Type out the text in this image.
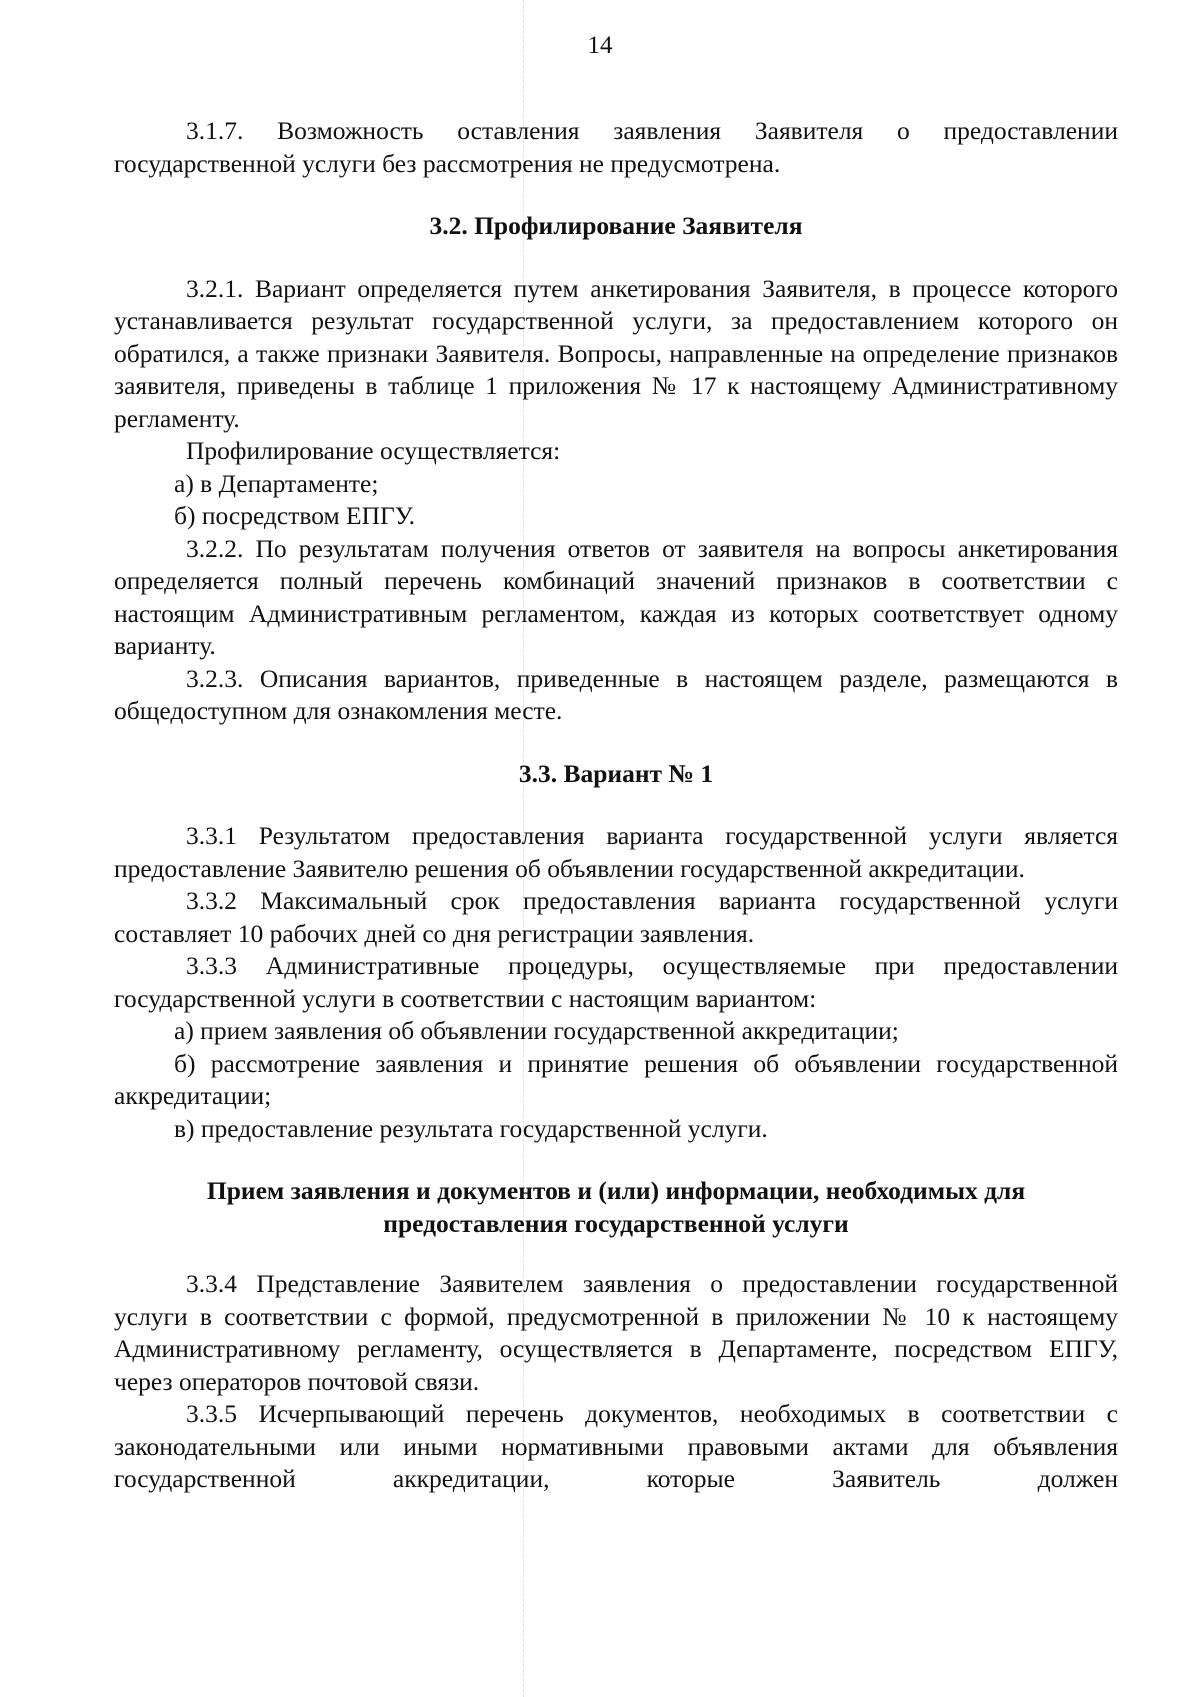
14

3.1.7. Возможность оставления заявления Заявителя о предоставлении государственной услуги без рассмотрения не предусмотрена.

3.2. Профилирование Заявителя

3.2.1. Вариант определяется путем анкетирования Заявителя, в процессе которого устанавливается результат государственной услуги, за предоставлением которого он обратился, а также признаки Заявителя. Вопросы, направленные на определение признаков заявителя, приведены в таблице 1 приложения № 17 к настоящему Административному регламенту.

Профилирование осуществляется:

а) в Департаменте;

б) посредством ЕПГУ.

3.2.2. По результатам получения ответов от заявителя на вопросы анкетирования определяется полный перечень комбинаций значений признаков в соответствии с настоящим Административным регламентом, каждая из которых соответствует одному варианту.

3.2.3. Описания вариантов, приведенные в настоящем разделе, размещаются в общедоступном для ознакомления месте.

3.3. Вариант № 1

3.3.1 Результатом предоставления варианта государственной услуги является предоставление Заявителю решения об объявлении государственной аккредитации.

3.3.2 Максимальный срок предоставления варианта государственной услуги составляет 10 рабочих дней со дня регистрации заявления.

3.3.3 Административные процедуры, осуществляемые при предоставлении государственной услуги в соответствии с настоящим вариантом:

а) прием заявления об объявлении государственной аккредитации;

б) рассмотрение заявления и принятие решения об объявлении государственной аккредитации;

в) предоставление результата государственной услуги.

Прием заявления и документов и (или) информации, необходимых для
предоставления государственной услуги

3.3.4 Представление Заявителем заявления о предоставлении государственной услуги в соответствии с формой, предусмотренной в приложении № 10 к настоящему Административному регламенту, осуществляется в Департаменте, посредством ЕПГУ, через операторов почтовой связи.

3.3.5 Исчерпывающий перечень документов, необходимых в соответствии с законодательными или иными нормативными правовыми актами для объявления государственной аккредитации, которые Заявитель должен
